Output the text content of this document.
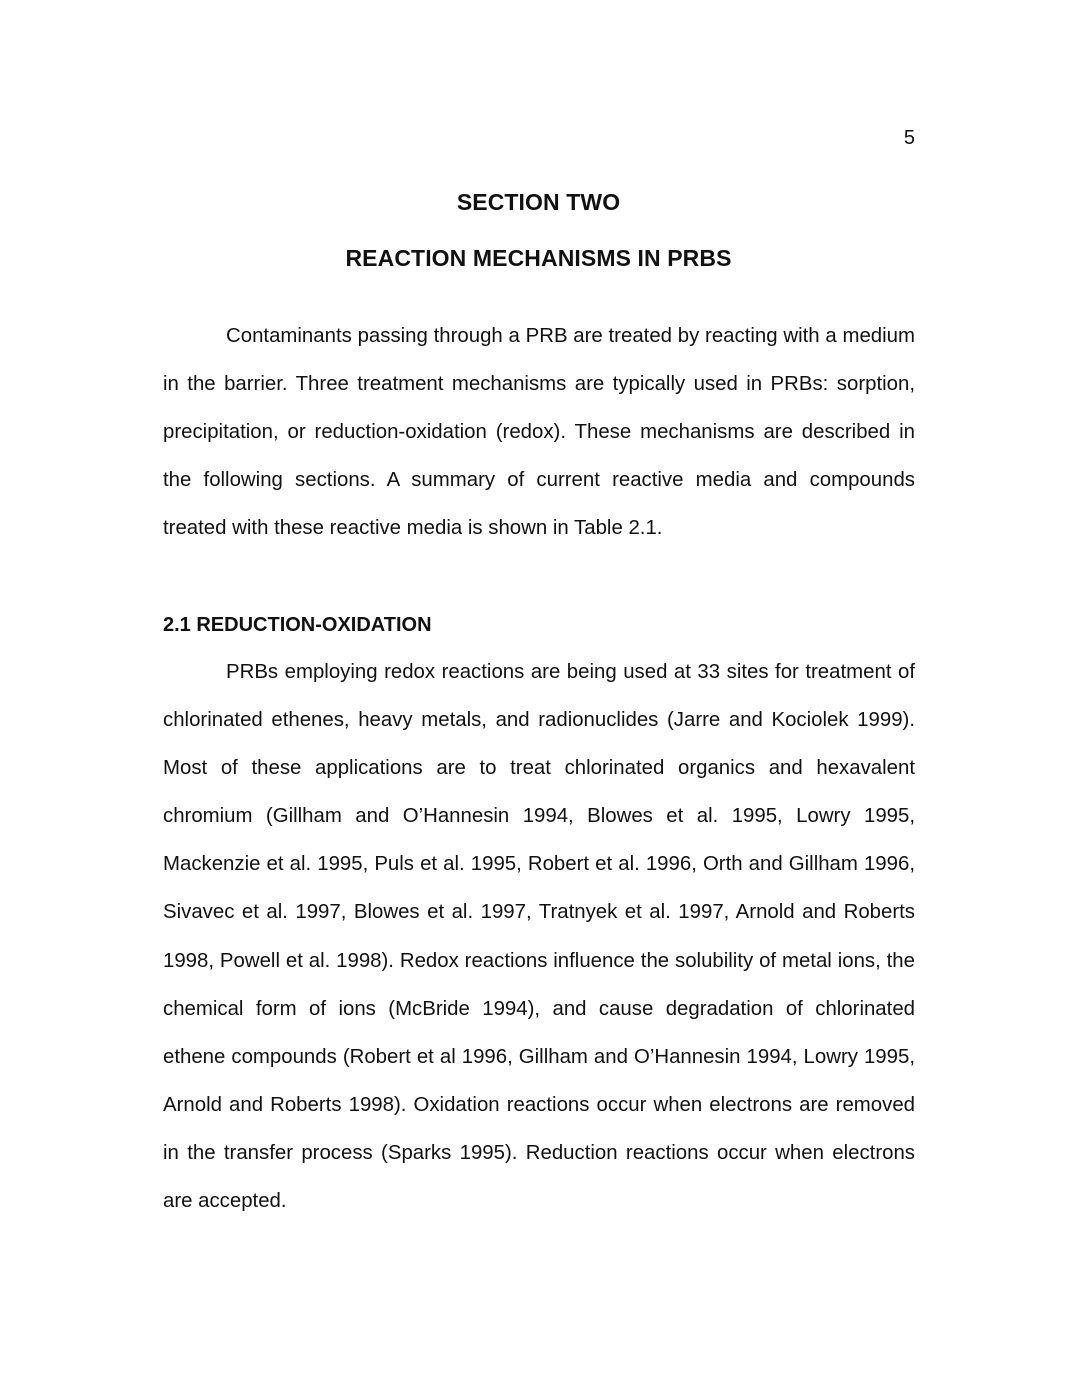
5
SECTION TWO
REACTION MECHANISMS IN PRBS

Contaminants passing through a PRB are treated by reacting with a medium in the barrier. Three treatment mechanisms are typically used in PRBs: sorption, precipitation, or reduction-oxidation (redox). These mechanisms are described in the following sections. A summary of current reactive media and compounds treated with these reactive media is shown in Table 2.1.

2.1 REDUCTION-OXIDATION

PRBs employing redox reactions are being used at 33 sites for treatment of chlorinated ethenes, heavy metals, and radionuclides (Jarre and Kociolek 1999). Most of these applications are to treat chlorinated organics and hexavalent chromium (Gillham and O’Hannesin 1994, Blowes et al. 1995, Lowry 1995, Mackenzie et al. 1995, Puls et al. 1995, Robert et al. 1996, Orth and Gillham 1996, Sivavec et al. 1997, Blowes et al. 1997, Tratnyek et al. 1997, Arnold and Roberts 1998, Powell et al. 1998). Redox reactions influence the solubility of metal ions, the chemical form of ions (McBride 1994), and cause degradation of chlorinated ethene compounds (Robert et al 1996, Gillham and O’Hannesin 1994, Lowry 1995, Arnold and Roberts 1998). Oxidation reactions occur when electrons are removed in the transfer process (Sparks 1995). Reduction reactions occur when electrons are accepted.
